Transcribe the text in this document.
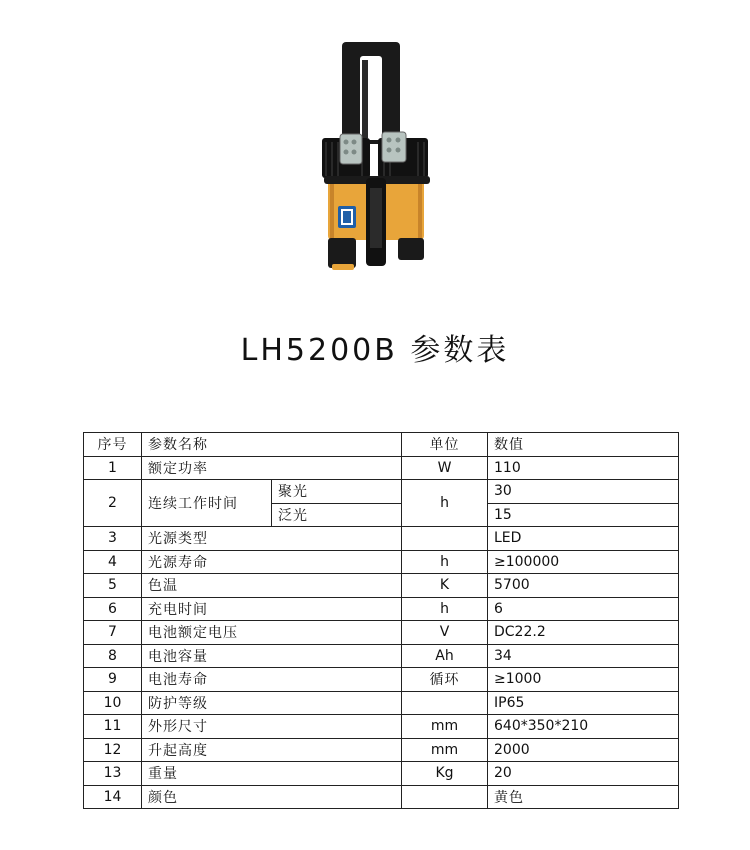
LH5200B 参数表
序号	参数名称		单位	数值
1	额定功率		W	110
2	连续工作时间	聚光	h	30
		泛光		15
3	光源类型			LED
4	光源寿命		h	≥100000
5	色温		K	5700
6	充电时间		h	6
7	电池额定电压		V	DC22.2
8	电池容量		Ah	34
9	电池寿命		循环	≥1000
10	防护等级			IP65
11	外形尺寸		mm	640*350*210
12	升起高度		mm	2000
13	重量		Kg	20
14	颜色			黄色
